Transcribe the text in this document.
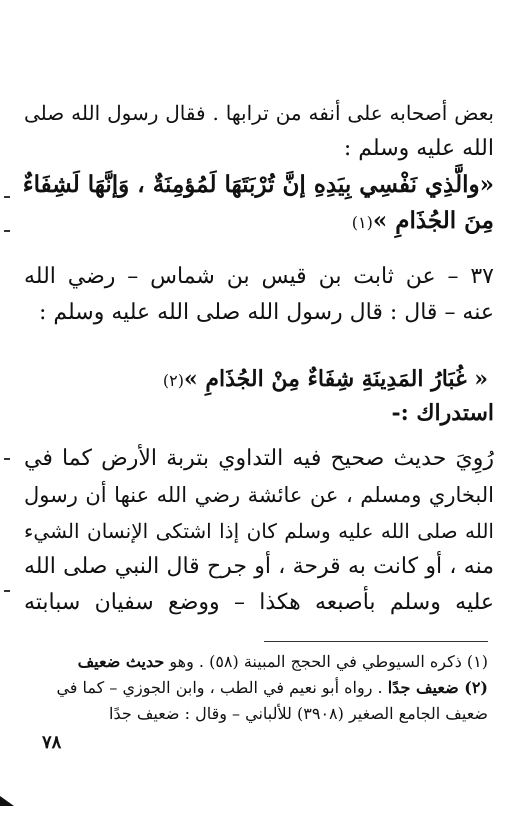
بعض أصحابه على أنفه من ترابها . فقال رسول الله صلى
الله عليه وسلم :
«والَّذِي نَفْسِي بِيَدِهِ إنَّ تُرْبَتَهَا لَمُؤمِنَةٌ ، وَإنَّهَا لَشِفَاءٌ
مِنَ الجُذَامِ »(١)
٣٧ – عن ثابت بن قيس بن شماس – رضي الله
عنه – قال : قال رسول الله صلى الله عليه وسلم :
« غُبَارُ المَدِينَةِ شِفَاءٌ مِنْ الجُذَامِ »(٢)
استدراك :-
رُوِيَ حديث صحيح فيه التداوي بتربة الأرض كما في
البخاري ومسلم ، عن عائشة رضي الله عنها أن رسول
الله صلى الله عليه وسلم كان إذا اشتكى الإنسان الشيء
منه ، أو كانت به قرحة ، أو جرح قال النبي صلى الله
عليه وسلم بأصبعه هكذا – ووضع سفيان سبابته
(١) ذكره السيوطي في الحجج المبينة (٥٨) . وهو حديث ضعيف
(٢) ضعيف جدًا . رواه أبو نعيم في الطب ، وابن الجوزي – كما في
ضعيف الجامع الصغير (٣٩٠٨) للألباني – وقال : ضعيف جدًا
٧٨
